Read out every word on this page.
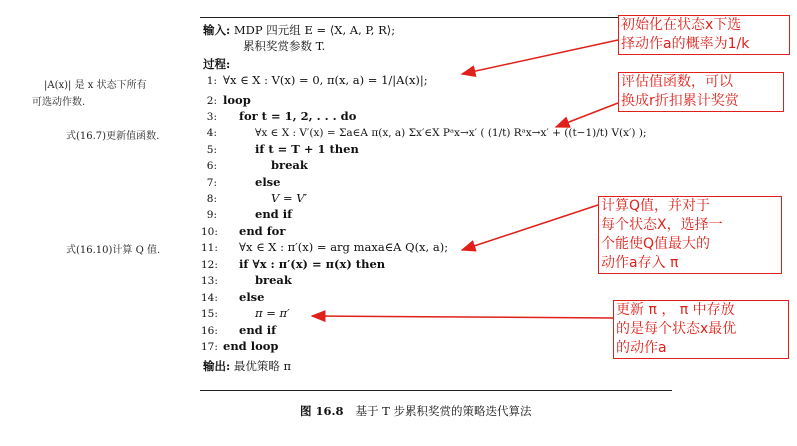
|A(x)| 是 x 状态下所有
可选动作数.
式(16.7)更新值函数.
式(16.10)计算 Q 值.
输入: MDP 四元组 E = ⟨X, A, P, R⟩;
累积奖赏参数 T.
过程:
1: ∀x ∈ X : V(x) = 0, π(x, a) = 1/|A(x)|;
2: loop
3: for t = 1, 2, . . . do
4:	∀x ∈ X : V′(x) = Σa∈A π(x, a) Σx′∈X Pᵃx→x′ ( (1/t) Rᵃx→x′ + ((t−1)/t) V(x′) );
5:	if t = T + 1 then
6:	break
7:	else
8:	V = V′
9:	end if
10: end for
11: ∀x ∈ X : π′(x) = arg maxa∈A Q(x, a);
12: if ∀x : π′(x) = π(x) then
13:	break
14: else
15:	π = π′
16: end if
17: end loop
输出: 最优策略 π
图 16.8 基于 T 步累积奖赏的策略迭代算法
初始化在状态x下选
择动作a的概率为1/k
评估值函数，可以
换成r折扣累计奖赏
计算Q值，并对于
每个状态X，选择一
个能使Q值最大的
动作a存入 π
更新 π ， π 中存放
的是每个状态x最优
的动作a
